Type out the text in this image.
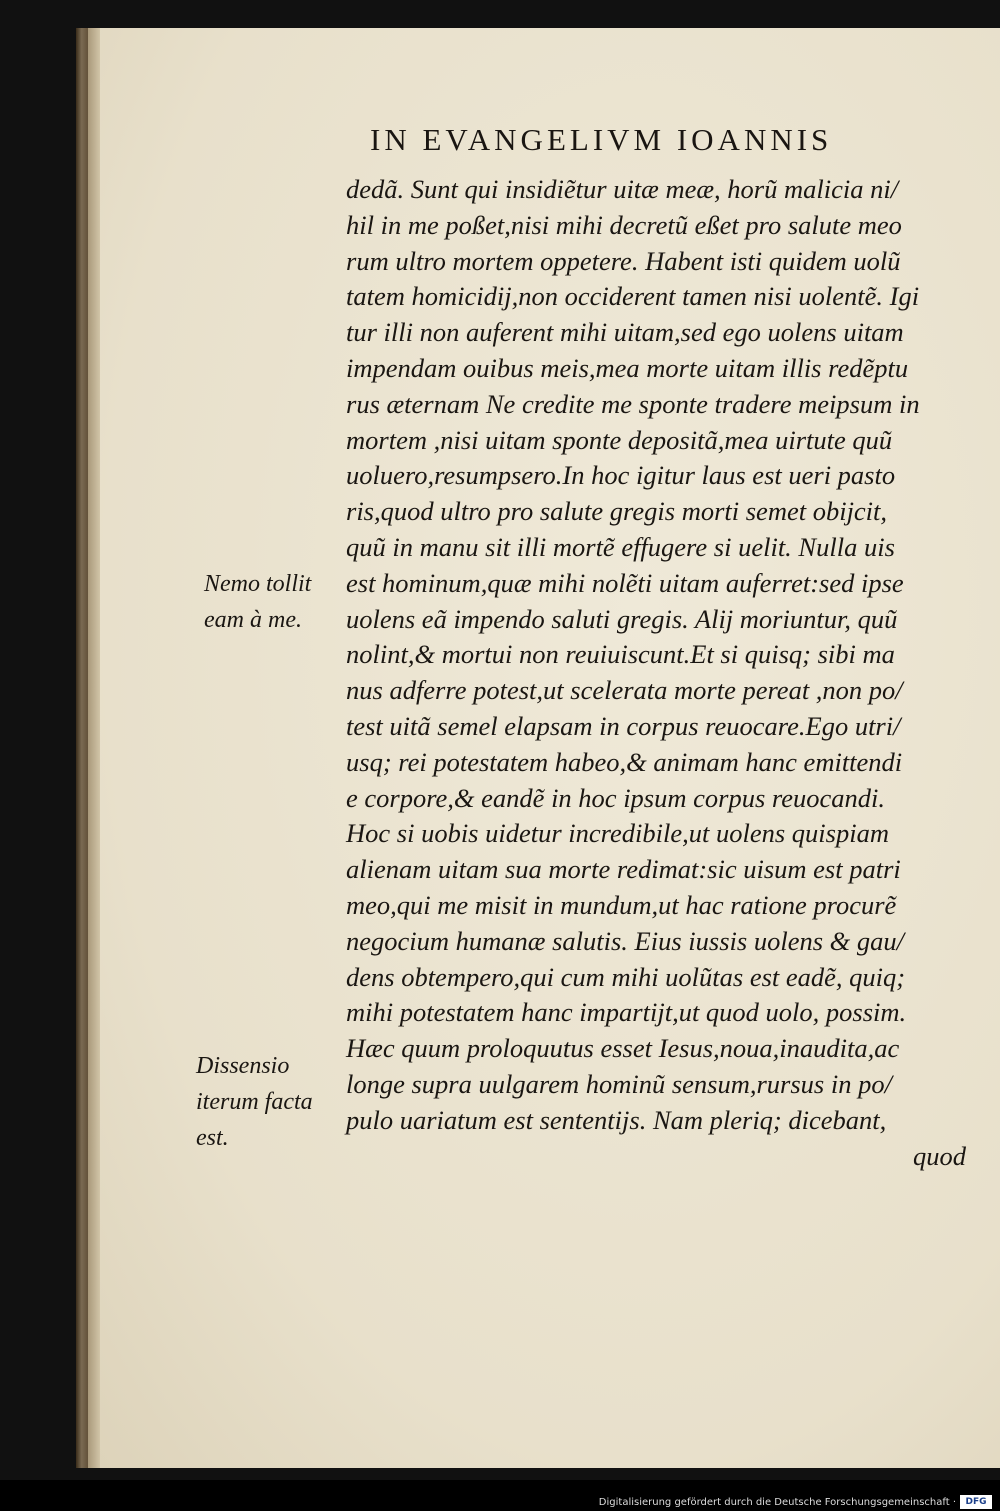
IN EVANGELIVM IOANNIS
dedã. Sunt qui insidiẽtur uitæ meæ, horũ malicia ni/
hil in me poßet,nisi mihi decretũ eßet pro salute meo
rum ultro mortem oppetere. Habent isti quidem uolũ
tatem homicidij,non occiderent tamen nisi uolentẽ. Igi
tur illi non auferent mihi uitam,sed ego uolens uitam
impendam ouibus meis,mea morte uitam illis redẽptu
rus æternam Ne credite me sponte tradere meipsum in
mortem ,nisi uitam sponte depositã,mea uirtute quũ
uoluero,resumpsero.In hoc igitur laus est ueri pasto
ris,quod ultro pro salute gregis morti semet obijcit,
quũ in manu sit illi mortẽ effugere si uelit. Nulla uis
est hominum,quæ mihi nolẽti uitam auferret:sed ipse
uolens eã impendo saluti gregis. Alij moriuntur, quũ
nolint,& mortui non reuiuiscunt.Et si quisq; sibi ma
nus adferre potest,ut scelerata morte pereat ,non po/
test uitã semel elapsam in corpus reuocare.Ego utri/
usq; rei potestatem habeo,& animam hanc emittendi
e corpore,& eandẽ in hoc ipsum corpus reuocandi.
Hoc si uobis uidetur incredibile,ut uolens quispiam
alienam uitam sua morte redimat:sic uisum est patri
meo,qui me misit in mundum,ut hac ratione procurẽ
negocium humanæ salutis. Eius iussis uolens & gau/
dens obtempero,qui cum mihi uolũtas est eadẽ, quiq;
mihi potestatem hanc impartijt,ut quod uolo, possim.
Hæc quum proloquutus esset Iesus,noua,inaudita,ac
longe supra uulgarem hominũ sensum,rursus in po/
pulo uariatum est sententijs. Nam pleriq; dicebant,
quod
Nemo tollit
eam à me.
Dissensio
iterum facta
est.
Digitalisierung gefördert durch die Deutsche Forschungsgemeinschaft ·	DFG
